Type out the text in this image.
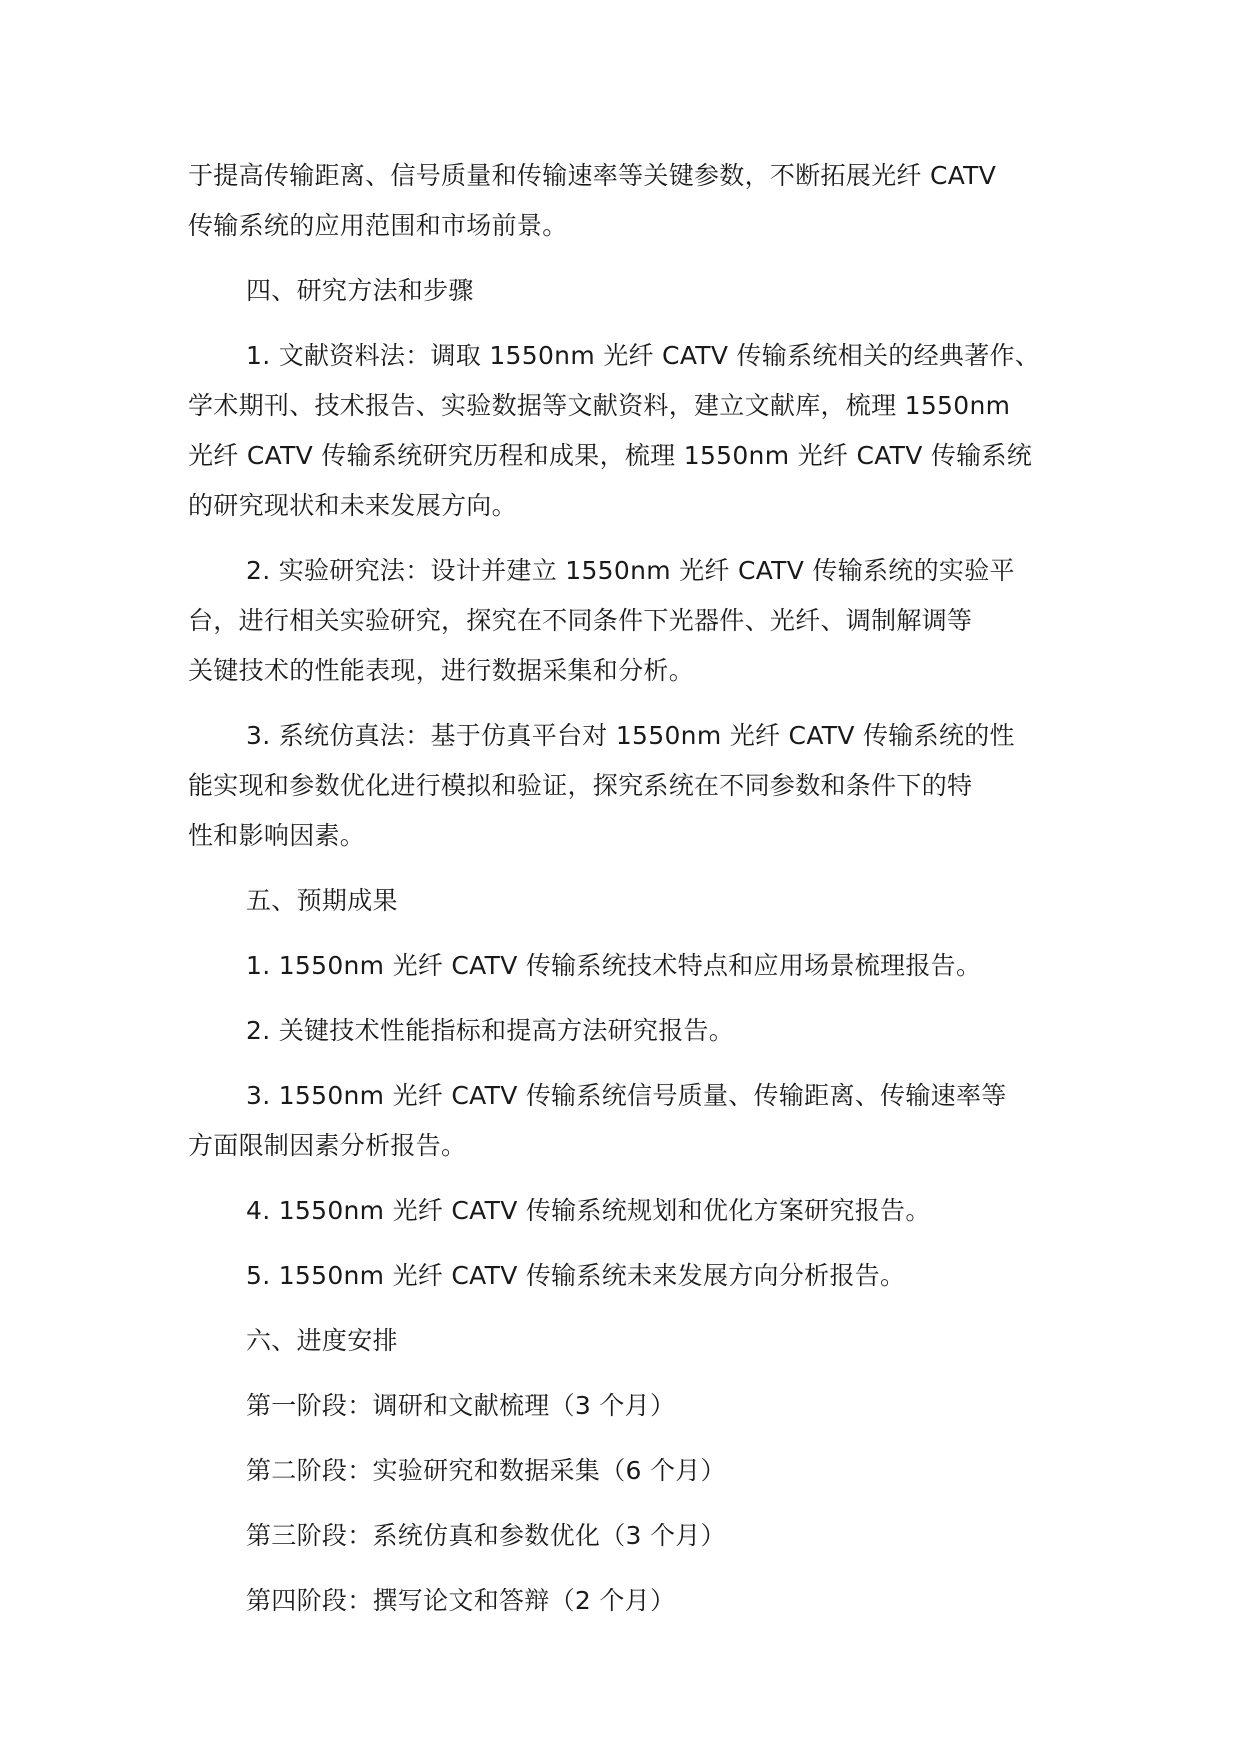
于提高传输距离、信号质量和传输速率等关键参数，不断拓展光纤 CATV
传输系统的应用范围和市场前景。
四、研究方法和步骤
1. 文献资料法：调取 1550nm 光纤 CATV 传输系统相关的经典著作、
学术期刊、技术报告、实验数据等文献资料，建立文献库，梳理 1550nm
光纤 CATV 传输系统研究历程和成果，梳理 1550nm 光纤 CATV 传输系统
的研究现状和未来发展方向。
2. 实验研究法：设计并建立 1550nm 光纤 CATV 传输系统的实验平
台，进行相关实验研究，探究在不同条件下光器件、光纤、调制解调等
关键技术的性能表现，进行数据采集和分析。
3. 系统仿真法：基于仿真平台对 1550nm 光纤 CATV 传输系统的性
能实现和参数优化进行模拟和验证，探究系统在不同参数和条件下的特
性和影响因素。
五、预期成果
1. 1550nm 光纤 CATV 传输系统技术特点和应用场景梳理报告。
2. 关键技术性能指标和提高方法研究报告。
3. 1550nm 光纤 CATV 传输系统信号质量、传输距离、传输速率等
方面限制因素分析报告。
4. 1550nm 光纤 CATV 传输系统规划和优化方案研究报告。
5. 1550nm 光纤 CATV 传输系统未来发展方向分析报告。
六、进度安排
第一阶段：调研和文献梳理（3 个月）
第二阶段：实验研究和数据采集（6 个月）
第三阶段：系统仿真和参数优化（3 个月）
第四阶段：撰写论文和答辩（2 个月）
